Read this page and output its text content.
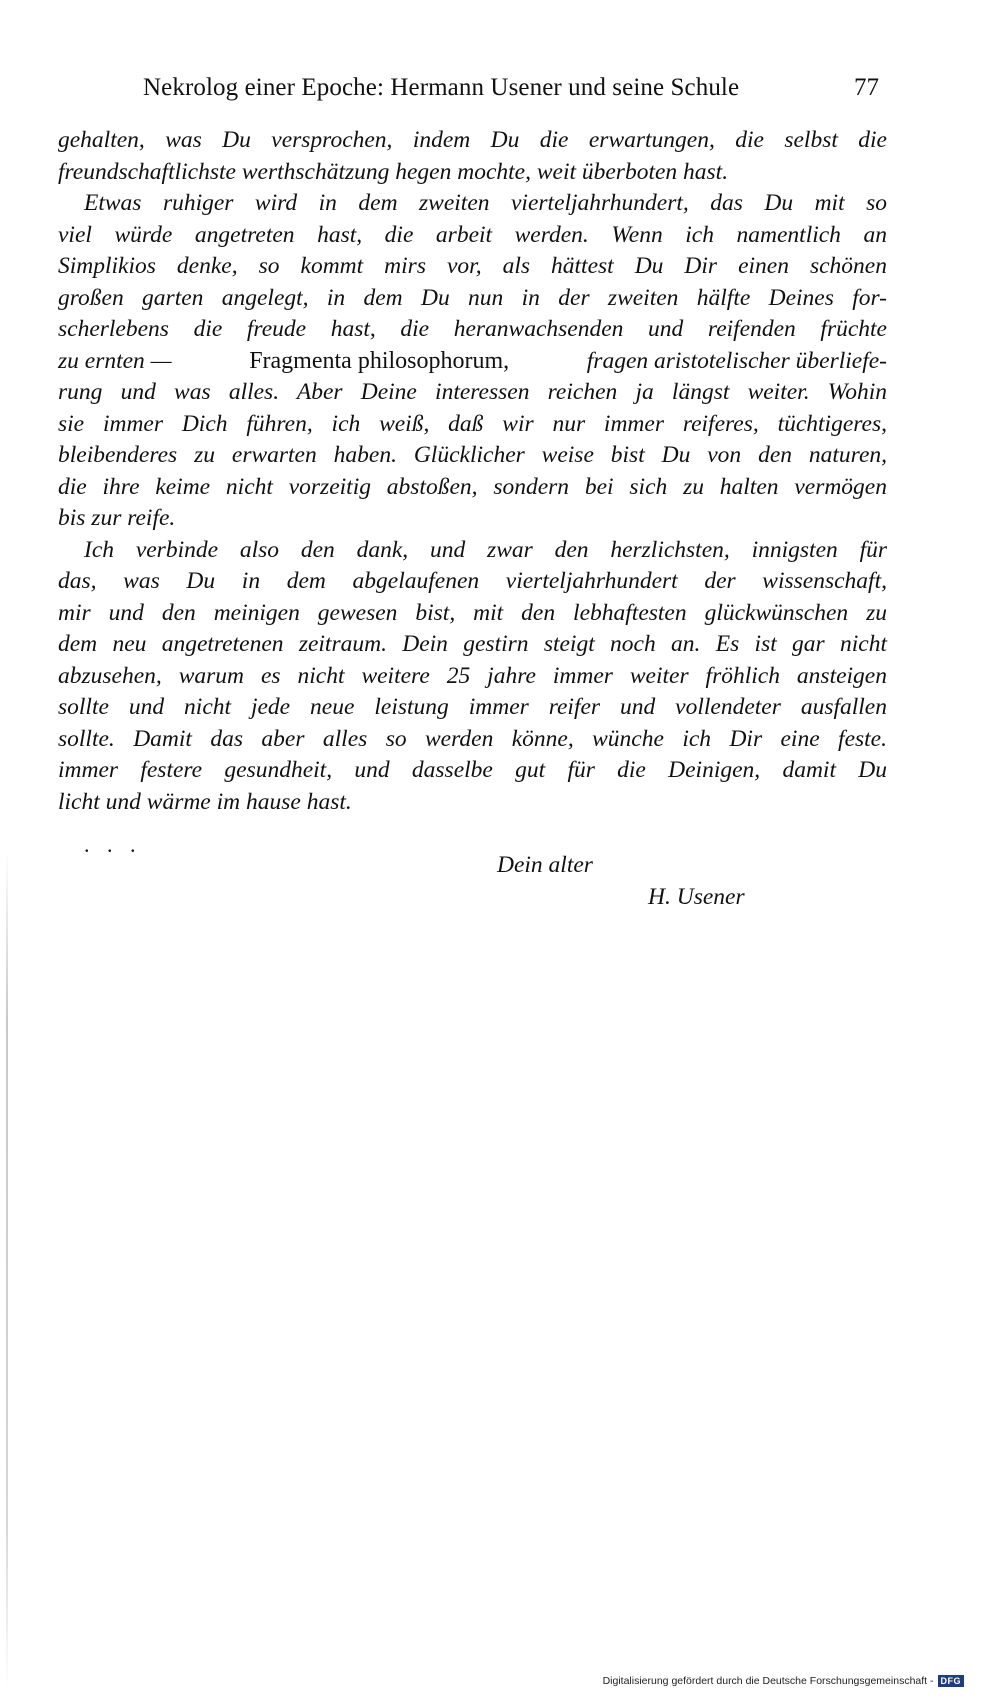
Nekrolog einer Epoche: Hermann Usener und seine Schule	77
gehalten, was Du versprochen, indem Du die erwartungen, die selbst die
freundschaftlichste werthschätzung hegen mochte, weit überboten hast.
Etwas ruhiger wird in dem zweiten vierteljahrhundert, das Du mit so
viel würde angetreten hast, die arbeit werden. Wenn ich namentlich an
Simplikios denke, so kommt mirs vor, als hättest Du Dir einen schönen
großen garten angelegt, in dem Du nun in der zweiten hälfte Deines for-
scherlebens die freude hast, die heranwachsenden und reifenden früchte
zu ernten —	Fragmenta philosophorum,	fragen aristotelischer überliefe-
rung und was alles. Aber Deine interessen reichen ja längst weiter. Wohin
sie immer Dich führen, ich weiß, daß wir nur immer reiferes, tüchtigeres,
bleibenderes zu erwarten haben. Glücklicher weise bist Du von den naturen,
die ihre keime nicht vorzeitig abstoßen, sondern bei sich zu halten vermögen
bis zur reife.
Ich verbinde also den dank, und zwar den herzlichsten, innigsten für
das, was Du in dem abgelaufenen vierteljahrhundert der wissenschaft,
mir und den meinigen gewesen bist, mit den lebhaftesten glückwünschen zu
dem neu angetretenen zeitraum. Dein gestirn steigt noch an. Es ist gar nicht
abzusehen, warum es nicht weitere 25 jahre immer weiter fröhlich ansteigen
sollte und nicht jede neue leistung immer reifer und vollendeter ausfallen
sollte. Damit das aber alles so werden könne, wünche ich Dir eine feste.
immer festere gesundheit, und dasselbe gut für die Deinigen, damit Du
licht und wärme im hause hast.
. . .
Dein alter
H. Usener
Digitalisierung gefördert durch die Deutsche Forschungsgemeinschaft - DFG
